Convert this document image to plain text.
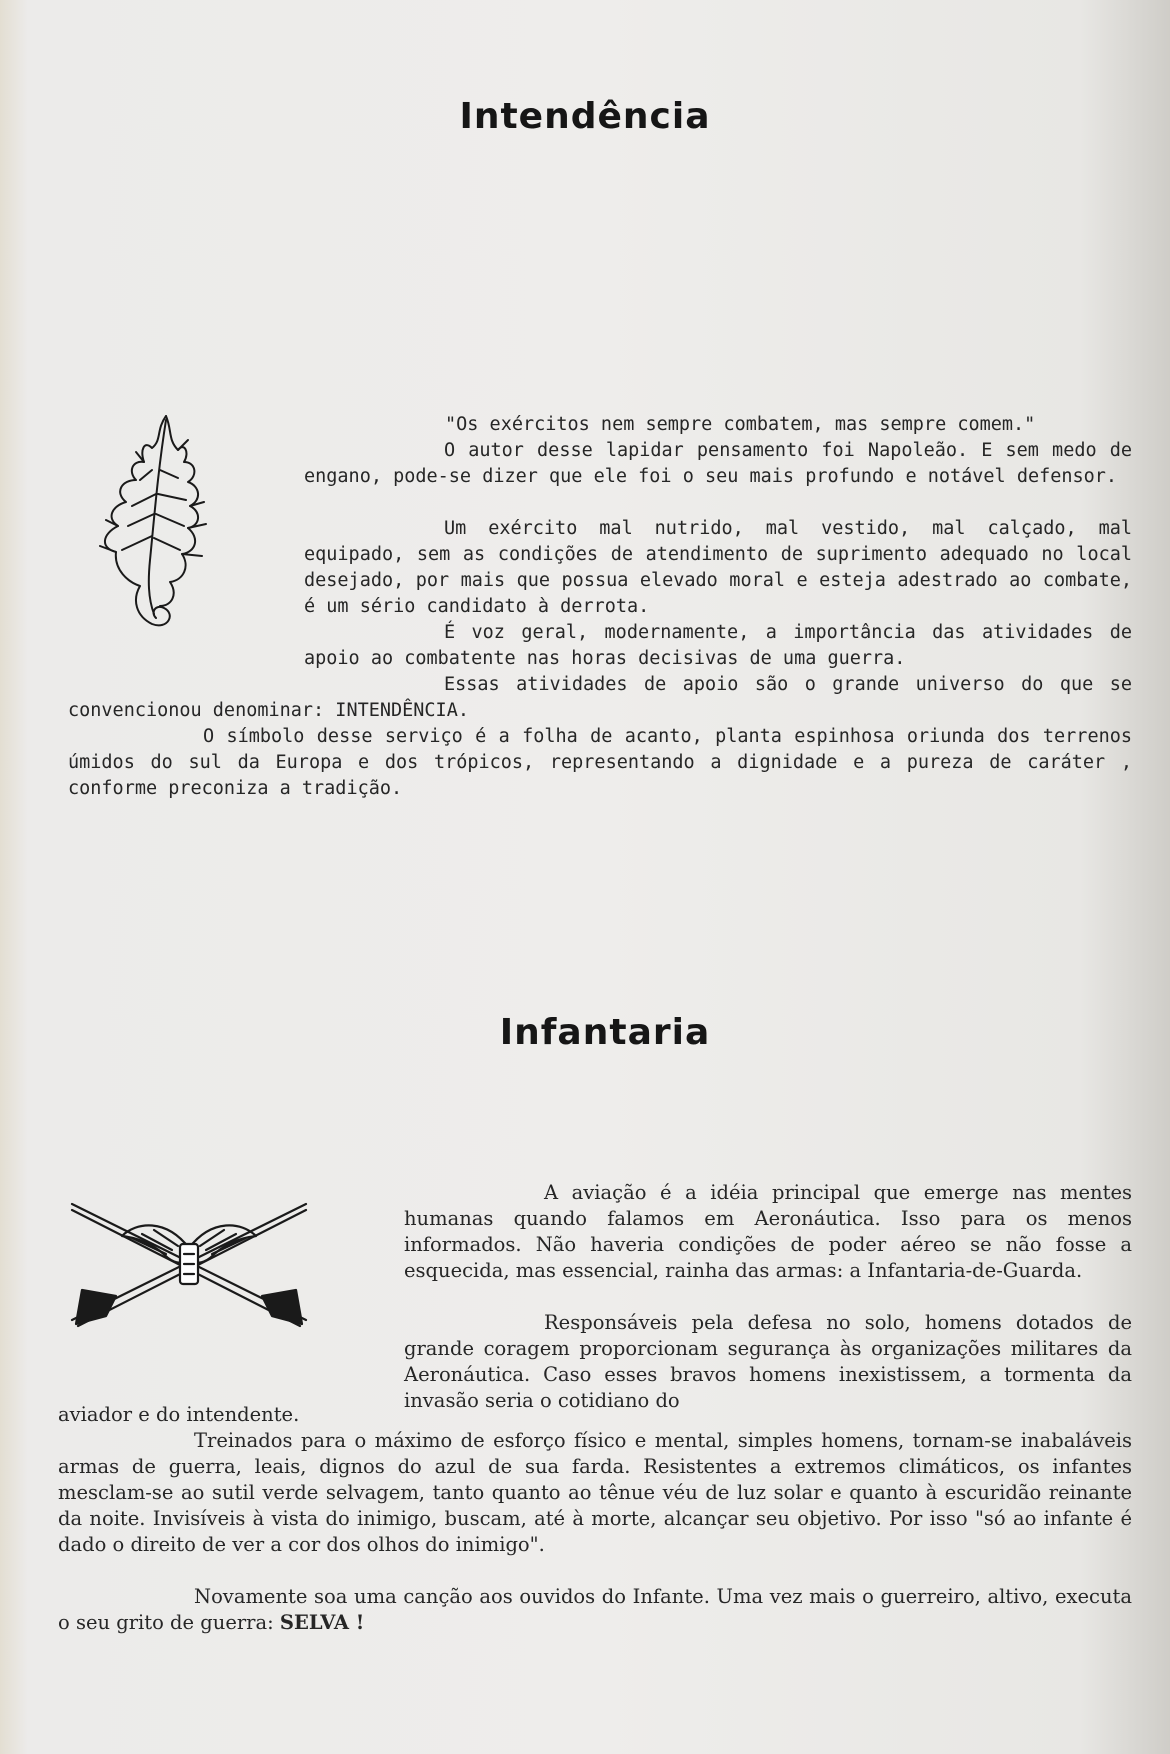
Intendência

"Os exércitos nem sempre combatem, mas sempre comem."

O autor desse lapidar pensamento foi Napoleão. E sem medo de engano, pode-se dizer que ele foi o seu mais profundo e notável defensor.

Um exército mal nutrido, mal vestido, mal calçado, mal equipado, sem as condições de atendimento de suprimento adequado no local desejado, por mais que possua elevado moral e esteja adestrado ao combate, é um sério candidato à derrota.

É voz geral, modernamente, a importância das atividades de apoio ao combatente nas horas decisivas de uma guerra.

Essas atividades de apoio são o grande universo do que se convencionou denominar: INTENDÊNCIA.

O símbolo desse serviço é a folha de acanto, planta espinhosa oriunda dos terrenos úmidos do sul da Europa e dos trópicos, representando a dignidade e a pureza de caráter , conforme preconiza a tradição.

Infantaria

A aviação é a idéia principal que emerge nas mentes humanas quando falamos em Aeronáutica. Isso para os menos informados. Não haveria condições de poder aéreo se não fosse a esquecida, mas essencial, rainha das armas: a Infantaria-de-Guarda.

Responsáveis pela defesa no solo, homens dotados de grande coragem proporcionam segurança às organizações militares da Aeronáutica. Caso esses bravos homens inexistissem, a tormenta da invasão seria o cotidiano do

aviador e do intendente.

Treinados para o máximo de esforço físico e mental, simples homens, tornam-se inabaláveis armas de guerra, leais, dignos do azul de sua farda. Resistentes a extremos climáticos, os infantes mesclam-se ao sutil verde selvagem, tanto quanto ao tênue véu de luz solar e quanto à escuridão reinante da noite. Invisíveis à vista do inimigo, buscam, até à morte, alcançar seu objetivo. Por isso "só ao infante é dado o direito de ver a cor dos olhos do inimigo".

Novamente soa uma canção aos ouvidos do Infante. Uma vez mais o guerreiro, altivo, executa o seu grito de guerra: SELVA !
